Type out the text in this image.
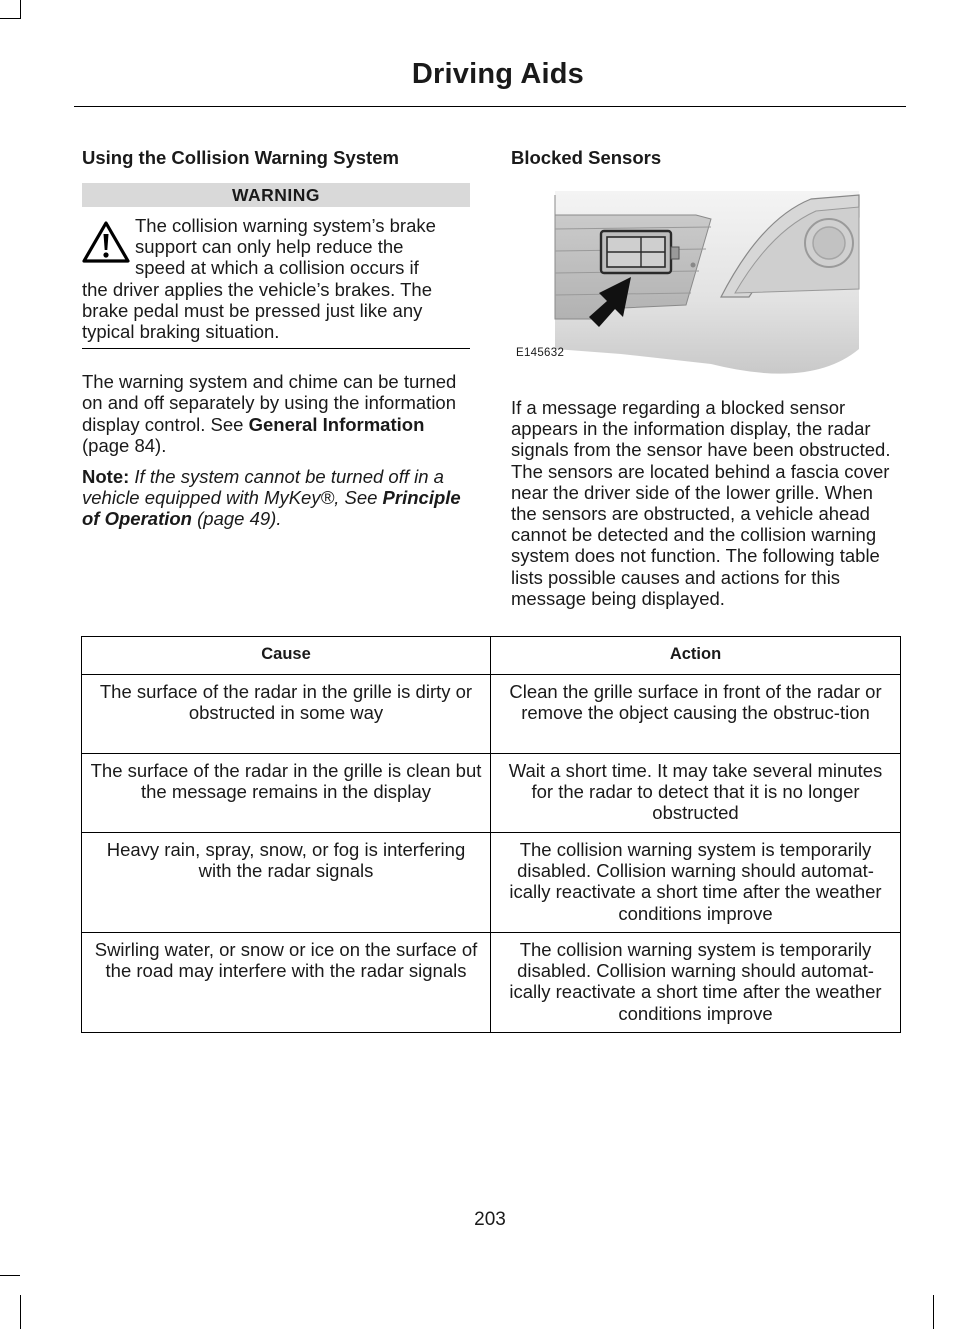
Driving Aids
Using the Collision Warning System
WARNING
The collision warning system’s brake
support can only help reduce the
speed at which a collision occurs if
the driver applies the vehicle’s brakes. The
brake pedal must be pressed just like any
typical braking situation.

The warning system and chime can be turned on and off separately by using the information display control. See General Information (page 84).

Note: If the system cannot be turned off in a vehicle equipped with MyKey®, See Principle of Operation (page 49).

Blocked Sensors
E145632

If a message regarding a blocked sensor appears in the information display, the radar signals from the sensor have been obstructed. The sensors are located behind a fascia cover near the driver side of the lower grille. When the sensors are obstructed, a vehicle ahead cannot be detected and the collision warning system does not function. The following table lists possible causes and actions for this message being displayed.

Cause	Action
The surface of the radar in the grille is dirty or obstructed in some way	Clean the grille surface in front of the radar or remove the object causing the obstruc-tion
The surface of the radar in the grille is clean but the message remains in the display	Wait a short time. It may take several minutes for the radar to detect that it is no longer obstructed
Heavy rain, spray, snow, or fog is interfering with the radar signals	The collision warning system is temporarily disabled. Collision warning should automat-ically reactivate a short time after the weather conditions improve
Swirling water, or snow or ice on the surface of the road may interfere with the radar signals	The collision warning system is temporarily disabled. Collision warning should automat-ically reactivate a short time after the weather conditions improve
203
